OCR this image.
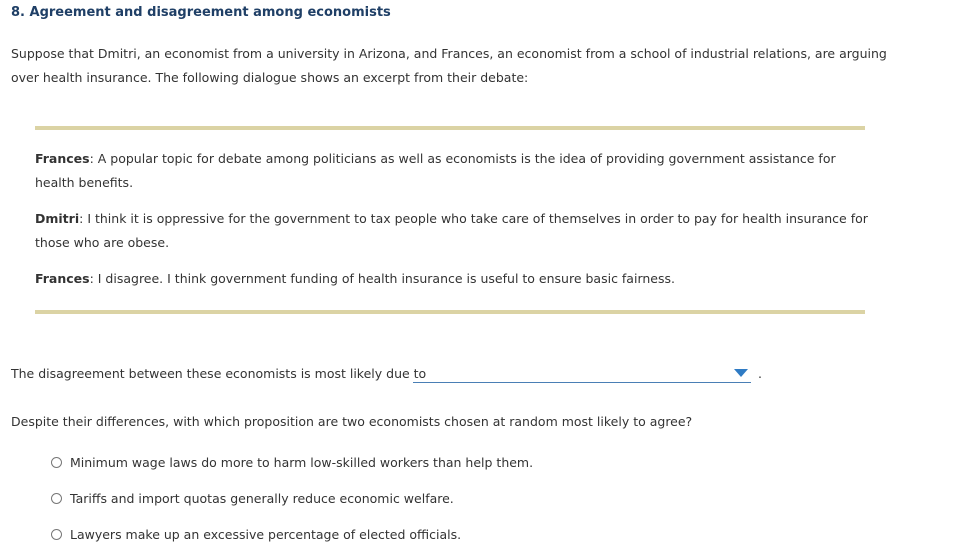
8. Agreement and disagreement among economists

Suppose that Dmitri, an economist from a university in Arizona, and Frances, an economist from a school of industrial relations, are arguing over health insurance. The following dialogue shows an excerpt from their debate:

Frances: A popular topic for debate among politicians as well as economists is the idea of providing government assistance for health benefits.

Dmitri: I think it is oppressive for the government to tax people who take care of themselves in order to pay for health insurance for those who are obese.

Frances: I disagree. I think government funding of health insurance is useful to ensure basic fairness.

The disagreement between these economists is most likely due to	.
Despite their differences, with which proposition are two economists chosen at random most likely to agree?
Minimum wage laws do more to harm low-skilled workers than help them.
Tariffs and import quotas generally reduce economic welfare.
Lawyers make up an excessive percentage of elected officials.
